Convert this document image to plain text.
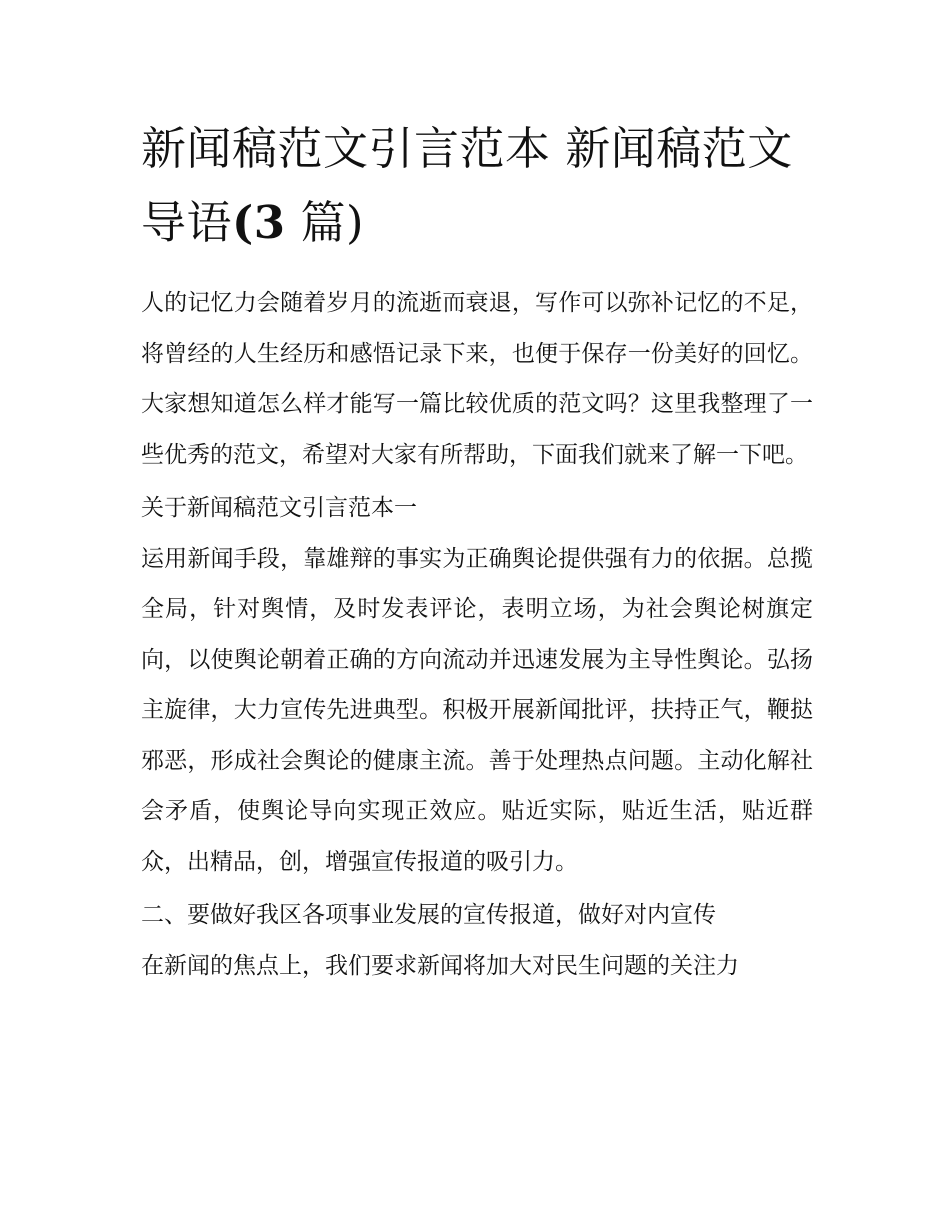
新闻稿范文引言范本 新闻稿范文导语(3 篇)

人的记忆力会随着岁月的流逝而衰退，写作可以弥补记忆的不足，将曾经的人生经历和感悟记录下来，也便于保存一份美好的回忆。大家想知道怎么样才能写一篇比较优质的范文吗？这里我整理了一些优秀的范文，希望对大家有所帮助，下面我们就来了解一下吧。

关于新闻稿范文引言范本一

运用新闻手段，靠雄辩的事实为正确舆论提供强有力的依据。总揽全局，针对舆情，及时发表评论，表明立场，为社会舆论树旗定向，以使舆论朝着正确的方向流动并迅速发展为主导性舆论。弘扬主旋律，大力宣传先进典型。积极开展新闻批评，扶持正气，鞭挞邪恶，形成社会舆论的健康主流。善于处理热点问题。主动化解社会矛盾，使舆论导向实现正效应。贴近实际，贴近生活，贴近群众，出精品，创，增强宣传报道的吸引力。

二、要做好我区各项事业发展的宣传报道，做好对内宣传

在新闻的焦点上，我们要求新闻将加大对民生问题的关注力
